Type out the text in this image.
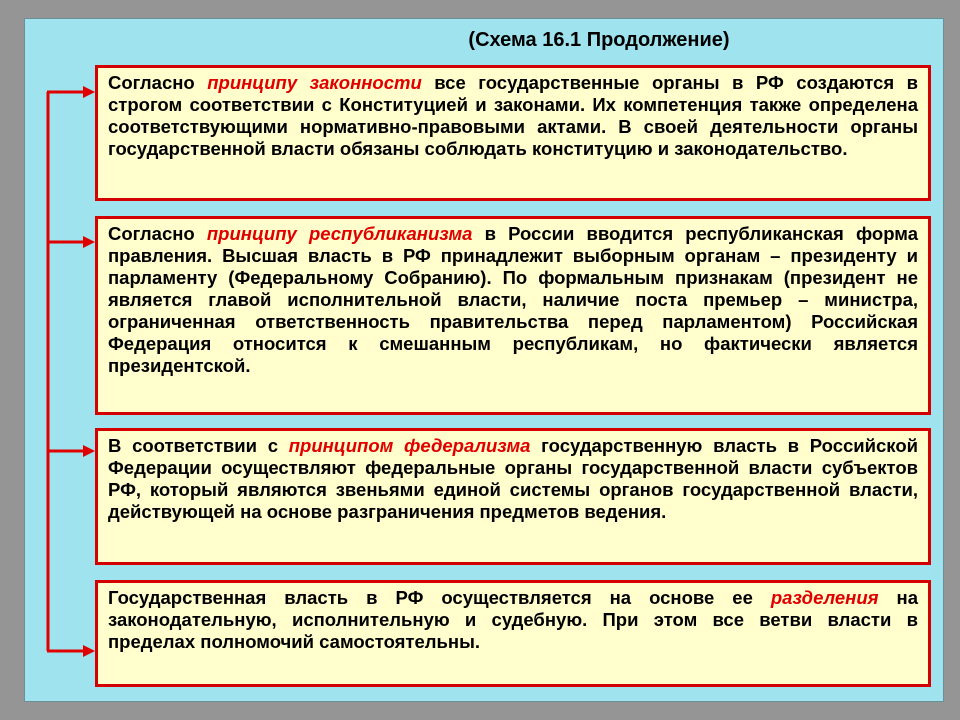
(Схема 16.1 Продолжение)
Согласно принципу законности все государственные органы в РФ создаются в строгом соответствии с Конституцией и законами. Их компетенция также определена соответствующими нормативно-правовыми актами. В своей деятельности органы государственной власти обязаны соблюдать конституцию и законодательство.
Согласно принципу республиканизма в России вводится республиканская форма правления. Высшая власть в РФ принадлежит выборным органам – президенту и парламенту (Федеральному Собранию). По формальным признакам (президент не является главой исполнительной власти, наличие поста премьер – министра, ограниченная ответственность правительства перед парламентом) Российская Федерация относится к смешанным республикам, но фактически является президентской.
В соответствии с принципом федерализма государственную власть в Российской Федерации осуществляют федеральные органы государственной власти субъектов РФ, который являются звеньями единой системы органов государственной власти, действующей на основе разграничения предметов ведения.
Государственная власть в РФ осуществляется на основе ее разделения на законодательную, исполнительную и судебную. При этом все ветви власти в пределах полномочий самостоятельны.
